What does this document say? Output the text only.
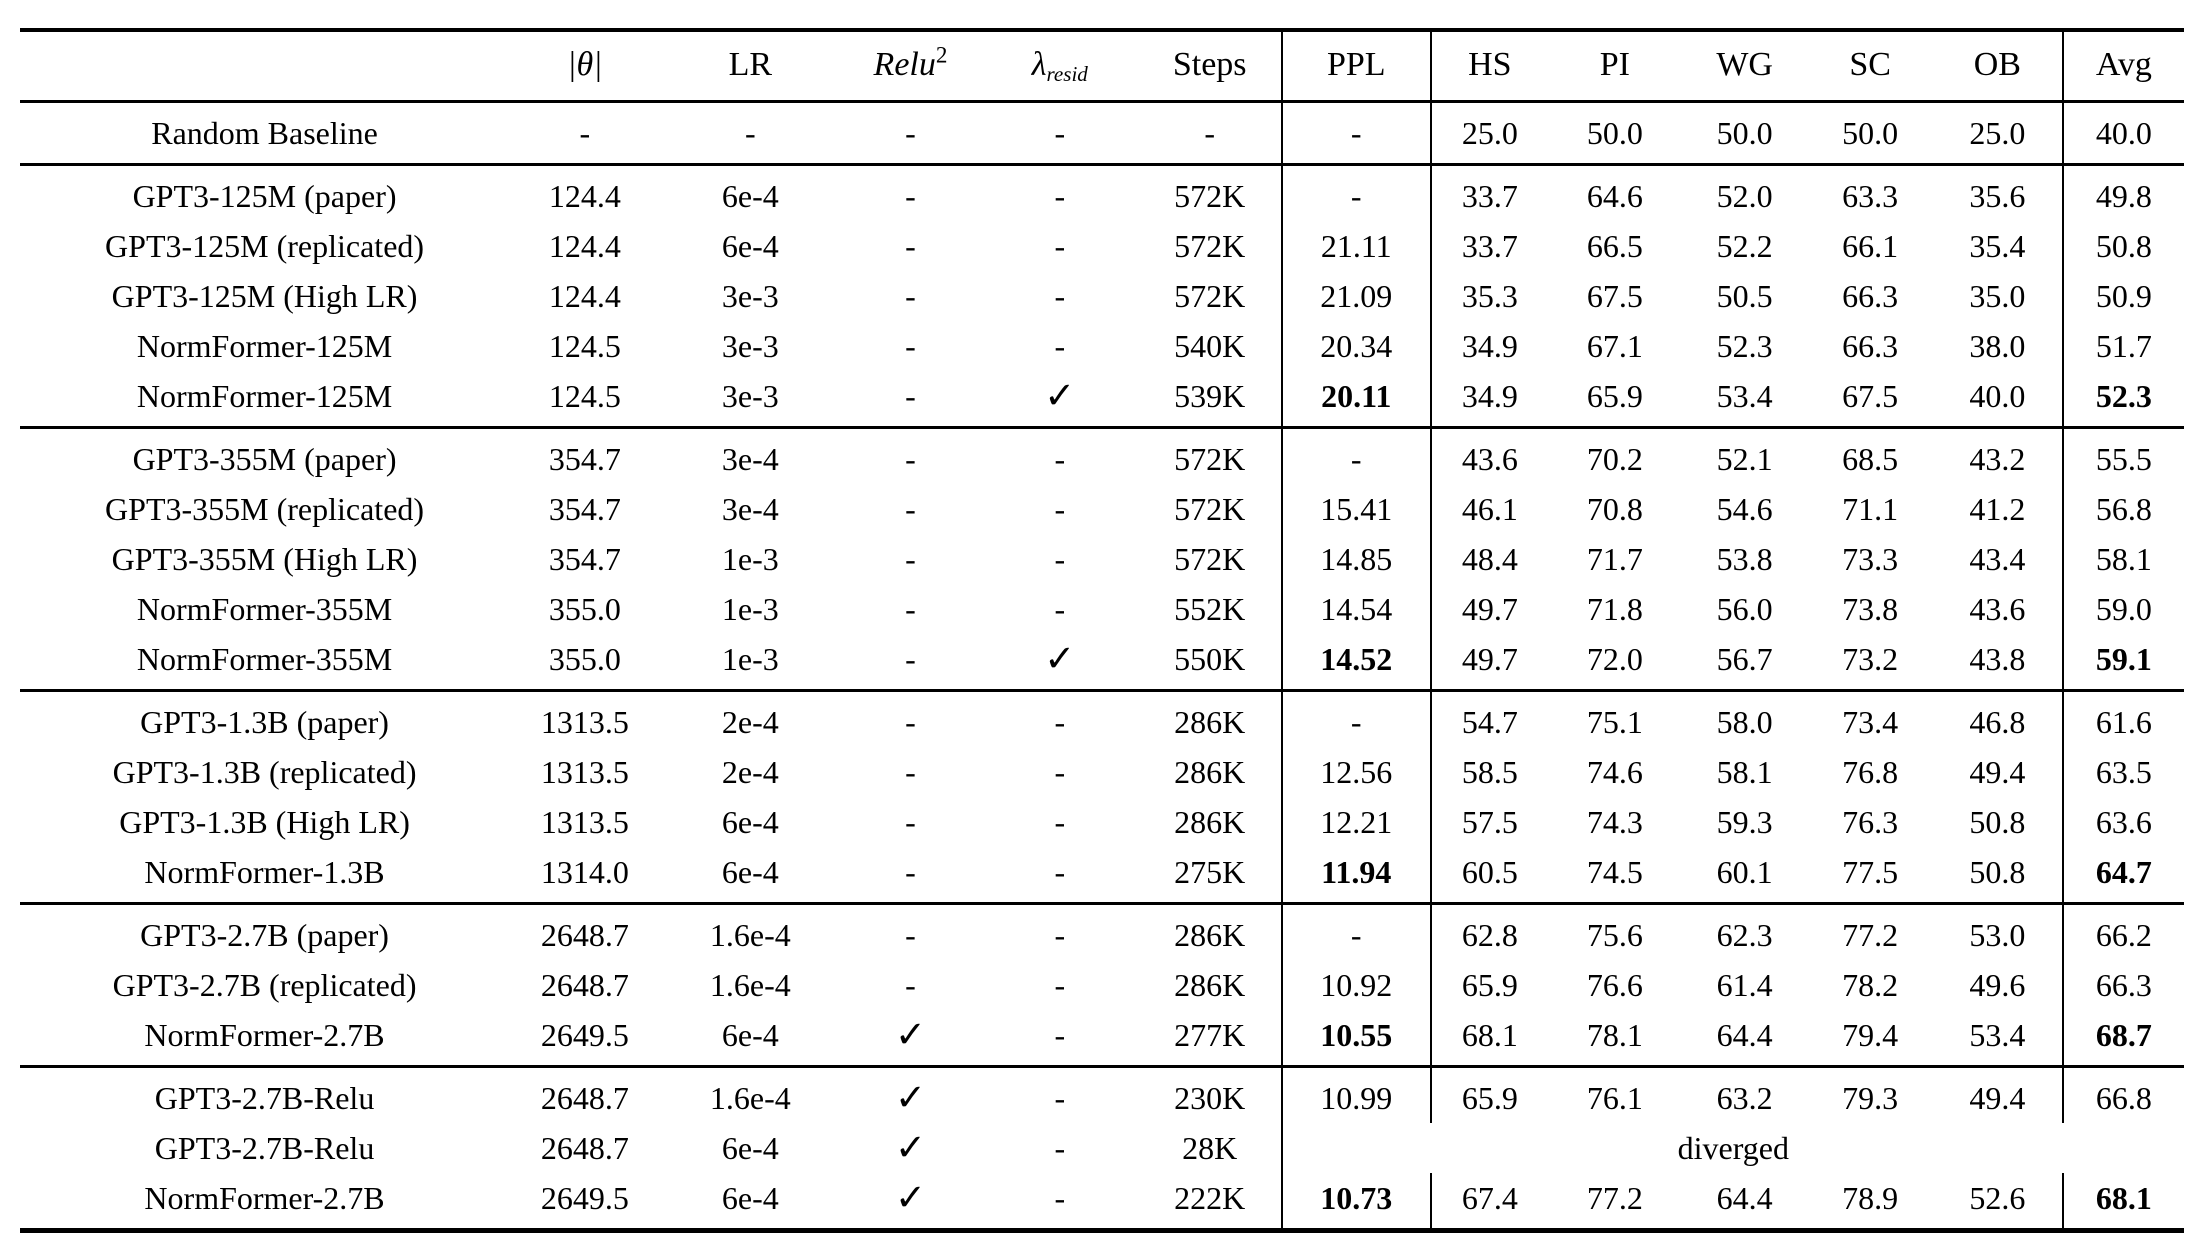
	|θ|	LR	Relu$^2$	$\lambda_{resid}$	Steps	PPL	HS	PI	WG	SC	OB	Avg
Random Baseline	-	-	-	-	-	-	25.0	50.0	50.0	50.0	25.0	40.0
GPT3-125M (paper)	124.4	6e-4	-	-	572K	-	33.7	64.6	52.0	63.3	35.6	49.8
GPT3-125M (replicated)	124.4	6e-4	-	-	572K	21.11	33.7	66.5	52.2	66.1	35.4	50.8
GPT3-125M (High LR)	124.4	3e-3	-	-	572K	21.09	35.3	67.5	50.5	66.3	35.0	50.9
NormFormer-125M	124.5	3e-3	-	-	540K	20.34	34.9	67.1	52.3	66.3	38.0	51.7
NormFormer-125M	124.5	3e-3	-	✓	539K	20.11	34.9	65.9	53.4	67.5	40.0	52.3
GPT3-355M (paper)	354.7	3e-4	-	-	572K	-	43.6	70.2	52.1	68.5	43.2	55.5
GPT3-355M (replicated)	354.7	3e-4	-	-	572K	15.41	46.1	70.8	54.6	71.1	41.2	56.8
GPT3-355M (High LR)	354.7	1e-3	-	-	572K	14.85	48.4	71.7	53.8	73.3	43.4	58.1
NormFormer-355M	355.0	1e-3	-	-	552K	14.54	49.7	71.8	56.0	73.8	43.6	59.0
NormFormer-355M	355.0	1e-3	-	✓	550K	14.52	49.7	72.0	56.7	73.2	43.8	59.1
GPT3-1.3B (paper)	1313.5	2e-4	-	-	286K	-	54.7	75.1	58.0	73.4	46.8	61.6
GPT3-1.3B (replicated)	1313.5	2e-4	-	-	286K	12.56	58.5	74.6	58.1	76.8	49.4	63.5
GPT3-1.3B (High LR)	1313.5	6e-4	-	-	286K	12.21	57.5	74.3	59.3	76.3	50.8	63.6
NormFormer-1.3B	1314.0	6e-4	-	-	275K	11.94	60.5	74.5	60.1	77.5	50.8	64.7
GPT3-2.7B (paper)	2648.7	1.6e-4	-	-	286K	-	62.8	75.6	62.3	77.2	53.0	66.2
GPT3-2.7B (replicated)	2648.7	1.6e-4	-	-	286K	10.92	65.9	76.6	61.4	78.2	49.6	66.3
NormFormer-2.7B	2649.5	6e-4	✓	-	277K	10.55	68.1	78.1	64.4	79.4	53.4	68.7
GPT3-2.7B-Relu	2648.7	1.6e-4	✓	-	230K	10.99	65.9	76.1	63.2	79.3	49.4	66.8
GPT3-2.7B-Relu	2648.7	6e-4	✓	-	28K	diverged						
NormFormer-2.7B	2649.5	6e-4	✓	-	222K	10.73	67.4	77.2	64.4	78.9	52.6	68.1
